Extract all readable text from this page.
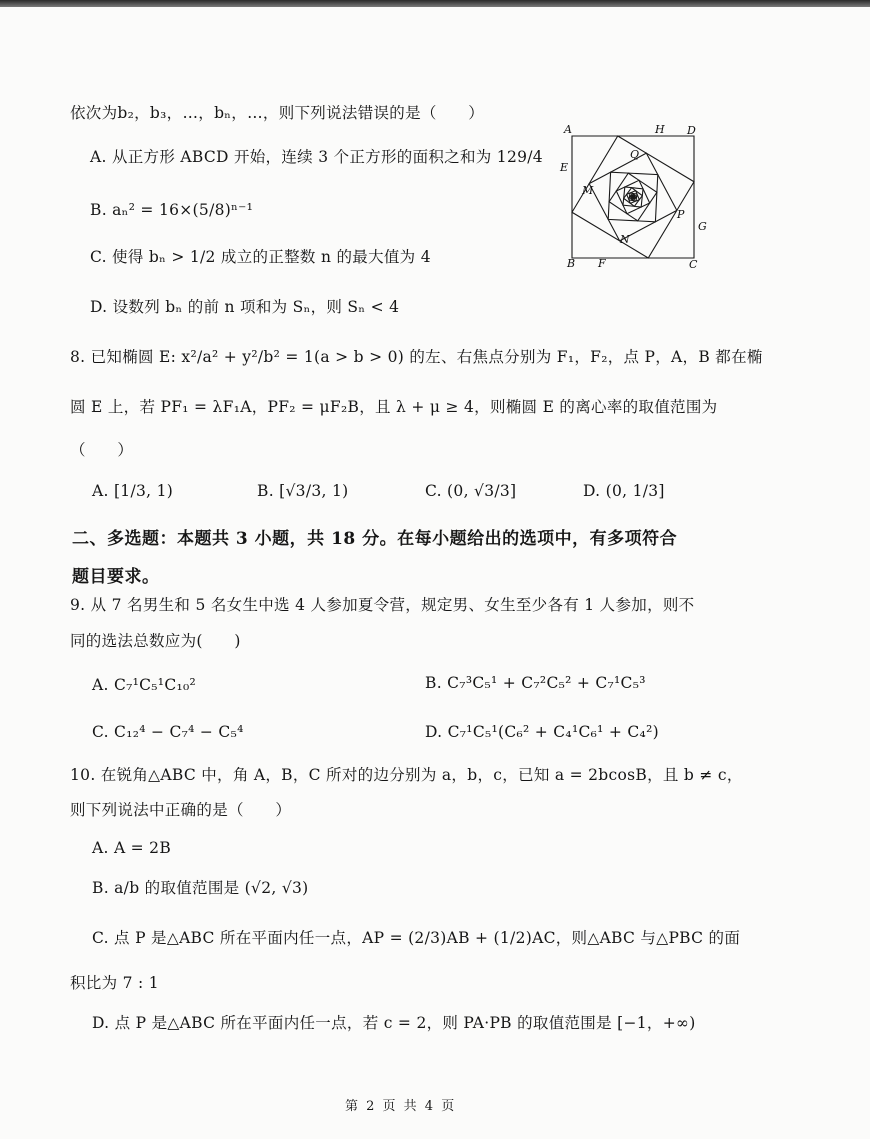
依次为b₂，b₃，…，bₙ，…，则下列说法错误的是（　　）
A. 从正方形 ABCD 开始，连续 3 个正方形的面积之和为 129/4
B. aₙ² = 16×(5/8)ⁿ⁻¹
C. 使得 bₙ > 1/2 成立的正整数 n 的最大值为 4
D. 设数列 bₙ 的前 n 项和为 Sₙ，则 Sₙ < 4
8. 已知椭圆 E: x²/a² + y²/b² = 1(a > b > 0) 的左、右焦点分别为 F₁，F₂，点 P，A，B 都在椭
圆 E 上，若 PF₁ = λF₁A，PF₂ = μF₂B，且 λ + μ ≥ 4，则椭圆 E 的离心率的取值范围为
（　　）
二、多选题：本题共 3 小题，共 18 分。在每小题给出的选项中，有多项符合
题目要求。
9. 从 7 名男生和 5 名女生中选 4 人参加夏令营，规定男、女生至少各有 1 人参加，则不
同的选法总数应为(　　)
10. 在锐角△ABC 中，角 A，B，C 所对的边分别为 a，b，c，已知 a = 2bcosB，且 b ≠ c，
则下列说法中正确的是（　　）
A. A = 2B
B. a/b 的取值范围是 (√2, √3)
C. 点 P 是△ABC 所在平面内任一点，AP = (2/3)AB + (1/2)AC，则△ABC 与△PBC 的面
积比为 7 : 1
D. 点 P 是△ABC 所在平面内任一点，若 c = 2，则 PA·PB 的取值范围是 [−1，+∞)
A. [1/3, 1)	B. [√3/3, 1)	C. (0, √3/3]	D. (0, 1/3]
A. C₇¹C₅¹C₁₀²	B. C₇³C₅¹ + C₇²C₅² + C₇¹C₅³
C. C₁₂⁴ − C₇⁴ − C₅⁴	D. C₇¹C₅¹(C₆² + C₄¹C₆¹ + C₄²)
A	H D
E
Q
M
P
G
N
B F	C
第 2 页 共 4 页
